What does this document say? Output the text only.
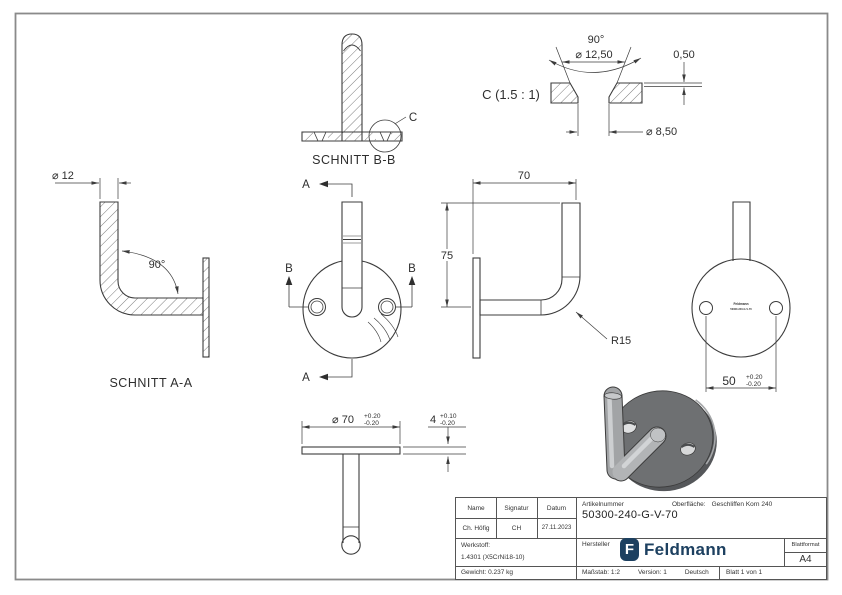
C
SCHNITT B-B
90°
⌀ 12,50	0,50
⌀ 8,50
C (1.5 : 1)
⌀ 12
90°
SCHNITT A-A
A
A
B	B
70
75
R15
Feldmann
50300-240-G-V-70
50 +0.20
-0.20
⌀ 70 +0.20
-0.20	4 +0.10
-0.20
Name	Signatur	Datum
Ch. Höfig	CH	27.11.2023
Artikelnummer
50300-240-G-V-70
Oberfläche: Geschliffen Korn 240
Werkstoff:
1.4301 (X5CrNi18-10)
Hersteller	F Feldmann	Blattformat
A4
Gewicht: 0.237 kg	Maßstab: 1:2	Version: 1	Deutsch	Blatt 1 von 1
